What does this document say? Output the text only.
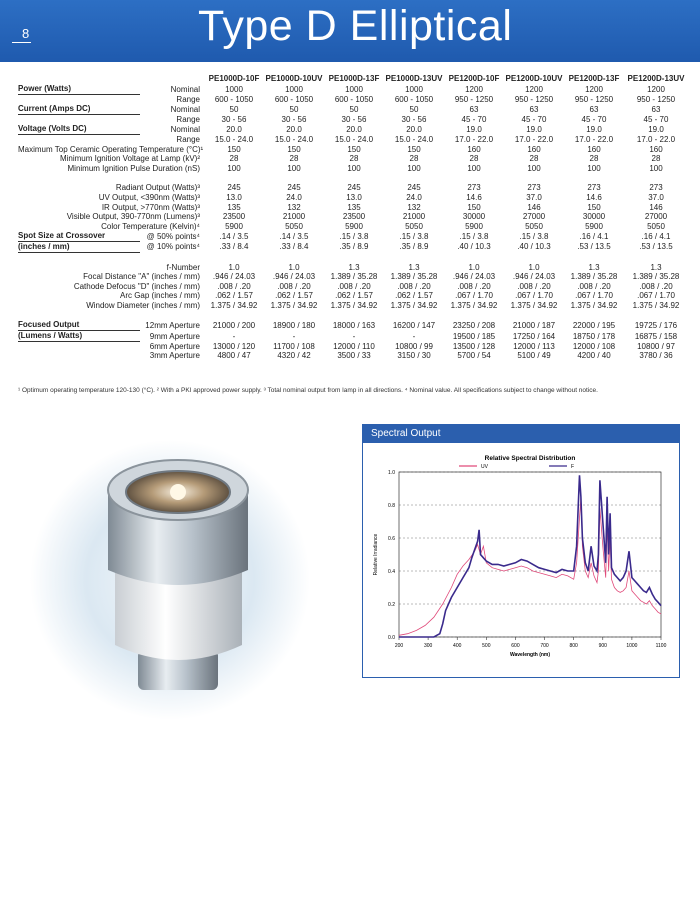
8	Type D Elliptical
		PE1000D-10F	PE1000D-10UV	PE1000D-13F	PE1000D-13UV	PE1200D-10F	PE1200D-10UV	PE1200D-13F	PE1200D-13UV
Power (Watts)	Nominal	1000	1000	1000	1000	1200	1200	1200	1200
	Range	600 - 1050	600 - 1050	600 - 1050	600 - 1050	950 - 1250	950 - 1250	950 - 1250	950 - 1250
Current (Amps DC)	Nominal	50	50	50	50	63	63	63	63
	Range	30 - 56	30 - 56	30 - 56	30 - 56	45 - 70	45 - 70	45 - 70	45 - 70
Voltage (Volts DC)	Nominal	20.0	20.0	20.0	20.0	19.0	19.0	19.0	19.0
	Range	15.0 - 24.0	15.0 - 24.0	15.0 - 24.0	15.0 - 24.0	17.0 - 22.0	17.0 - 22.0	17.0 - 22.0	17.0 - 22.0
Maximum Top Ceramic Operating Temperature (°C)¹		150	150	150	150	160	160	160	160
Minimum Ignition Voltage at Lamp (kV)²		28	28	28	28	28	28	28	28
Minimum Ignition Pulse Duration (nS)		100	100	100	100	100	100	100	100

Radiant Output (Watts)³		245	245	245	245	273	273	273	273
UV Output, <390nm (Watts)³		13.0	24.0	13.0	24.0	14.6	37.0	14.6	37.0
IR Output, >770nm (Watts)³		135	132	135	132	150	146	150	146
Visible Output, 390-770nm (Lumens)³		23500	21000	23500	21000	30000	27000	30000	27000
Color Temperature (Kelvin)⁴		5900	5050	5900	5050	5900	5050	5900	5050
Spot Size at Crossover	@ 50% points⁴	.14 / 3.5	.14 / 3.5	.15 / 3.8	.15 / 3.8	.15 / 3.8	.15 / 3.8	.16 / 4.1	.16 / 4.1
(inches / mm)	@ 10% points⁴	.33 / 8.4	.33 / 8.4	.35 / 8.9	.35 / 8.9	.40 / 10.3	.40 / 10.3	.53 / 13.5	.53 / 13.5

	f-Number	1.0	1.0	1.3	1.3	1.0	1.0	1.3	1.3
Focal Distance "A" (inches / mm)		.946 / 24.03	.946 / 24.03	1.389 / 35.28	1.389 / 35.28	.946 / 24.03	.946 / 24.03	1.389 / 35.28	1.389 / 35.28
Cathode Defocus "D" (inches / mm)		.008 / .20	.008 / .20	.008 / .20	.008 / .20	.008 / .20	.008 / .20	.008 / .20	.008 / .20
Arc Gap (inches / mm)		.062 / 1.57	.062 / 1.57	.062 / 1.57	.062 / 1.57	.067 / 1.70	.067 / 1.70	.067 / 1.70	.067 / 1.70
Window Diameter (inches / mm)		1.375 / 34.92	1.375 / 34.92	1.375 / 34.92	1.375 / 34.92	1.375 / 34.92	1.375 / 34.92	1.375 / 34.92	1.375 / 34.92

Focused Output	12mm Aperture	21000 / 200	18900 / 180	18000 / 163	16200 / 147	23250 / 208	21000 / 187	22000 / 195	19725 / 176
(Lumens / Watts)	9mm Aperture	-	-	-	-	19500 / 185	17250 / 164	18750 / 178	16875 / 158
	6mm Aperture	13000 / 120	11700 / 108	12000 / 110	10800 / 99	13500 / 128	12000 / 113	12000 / 108	10800 / 97
	3mm Aperture	4800 / 47	4320 / 42	3500 / 33	3150 / 30	5700 / 54	5100 / 49	4200 / 40	3780 / 36
¹ Optimum operating temperature 120-130 (°C). ² With a PKI approved power supply. ³ Total nominal output from lamp in all directions. ⁴ Nominal value. All specifications subject to change without notice.
Spectral Output
Relative Spectral Distribution
0.0
0.2
0.4
0.6
0.8
1.0
200	300	400	500	600	700	800	900	1000	1100
Wavelength (nm)
Relative Irradiance
UV	F
